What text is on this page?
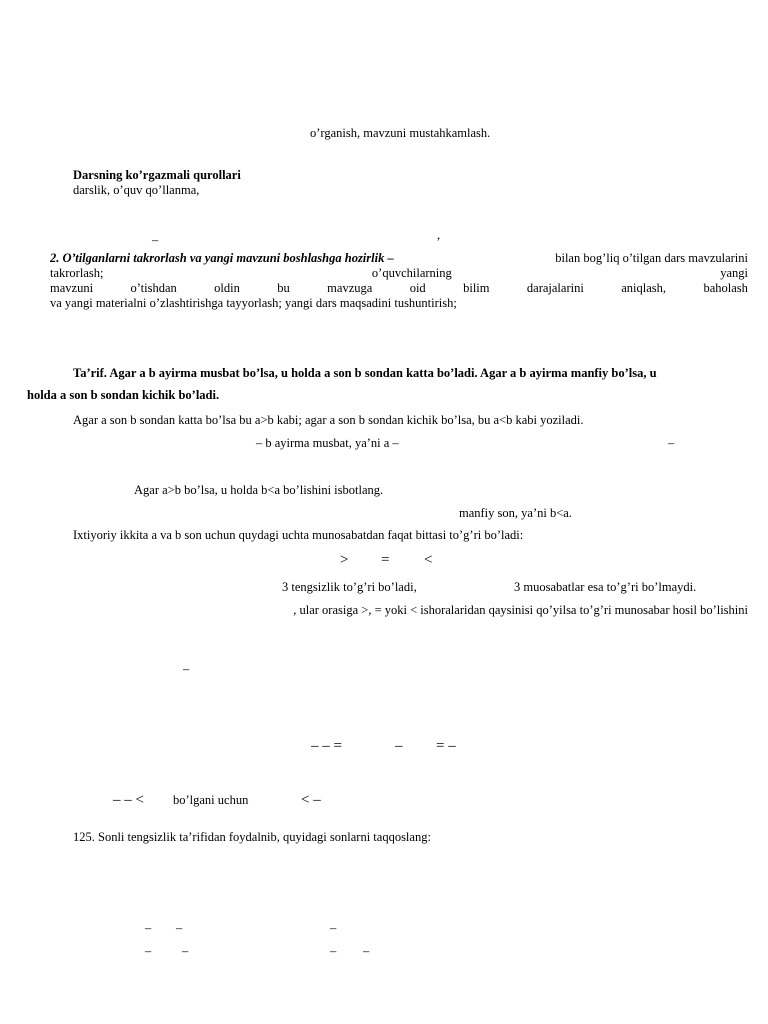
o’rganish, mavzuni mustahkamlash.
Darsning ko’rgazmali qurollari
darslik, o’quv qo’llanma,
–	,
2. O’tilganlarni takrorlash va yangi mavzuni boshlashga hozirlik –	bilan bog’liq o’tilgan dars mavzularini
takrorlash;	o’quvchilarning	yangi
mavzuni	o’tishdan	oldin	bu	mavzuga	oid	bilim	darajalarini	aniqlash,	baholash
va yangi materialni o’zlashtirishga tayyorlash; yangi dars maqsadini tushuntirish;
Ta’rif. Agar a b ayirma musbat bo’lsa, u holda a son b sondan katta bo’ladi. Agar a b ayirma manfiy bo’lsa, u
holda a son b sondan kichik bo’ladi.
Agar a son b sondan katta bo’lsa bu a>b kabi; agar a son b sondan kichik bo’lsa, bu a<b kabi yoziladi.
– b ayirma musbat, ya’ni a –	–
Agar a>b bo’lsa, u holda b<a bo’lishini isbotlang.
manfiy son, ya’ni b<a.
Ixtiyoriy ikkita a va b son uchun quydagi uchta munosabatdan faqat bittasi to’g’ri bo’ladi:
> = <
3 tengsizlik to’g’ri bo’ladi,	3 muosabatlar esa to’g’ri bo’lmaydi.
, ular orasiga >, = yoki < ishoralaridan qaysinisi qo’yilsa to’g’ri munosabar hosil bo’lishini
–
– – =	– = –
– – < bo’lgani uchun	< –
125. Sonli tengsizlik ta’rifidan foydalnib, quyidagi sonlarni taqqoslang:
– –	–
– –	– –
